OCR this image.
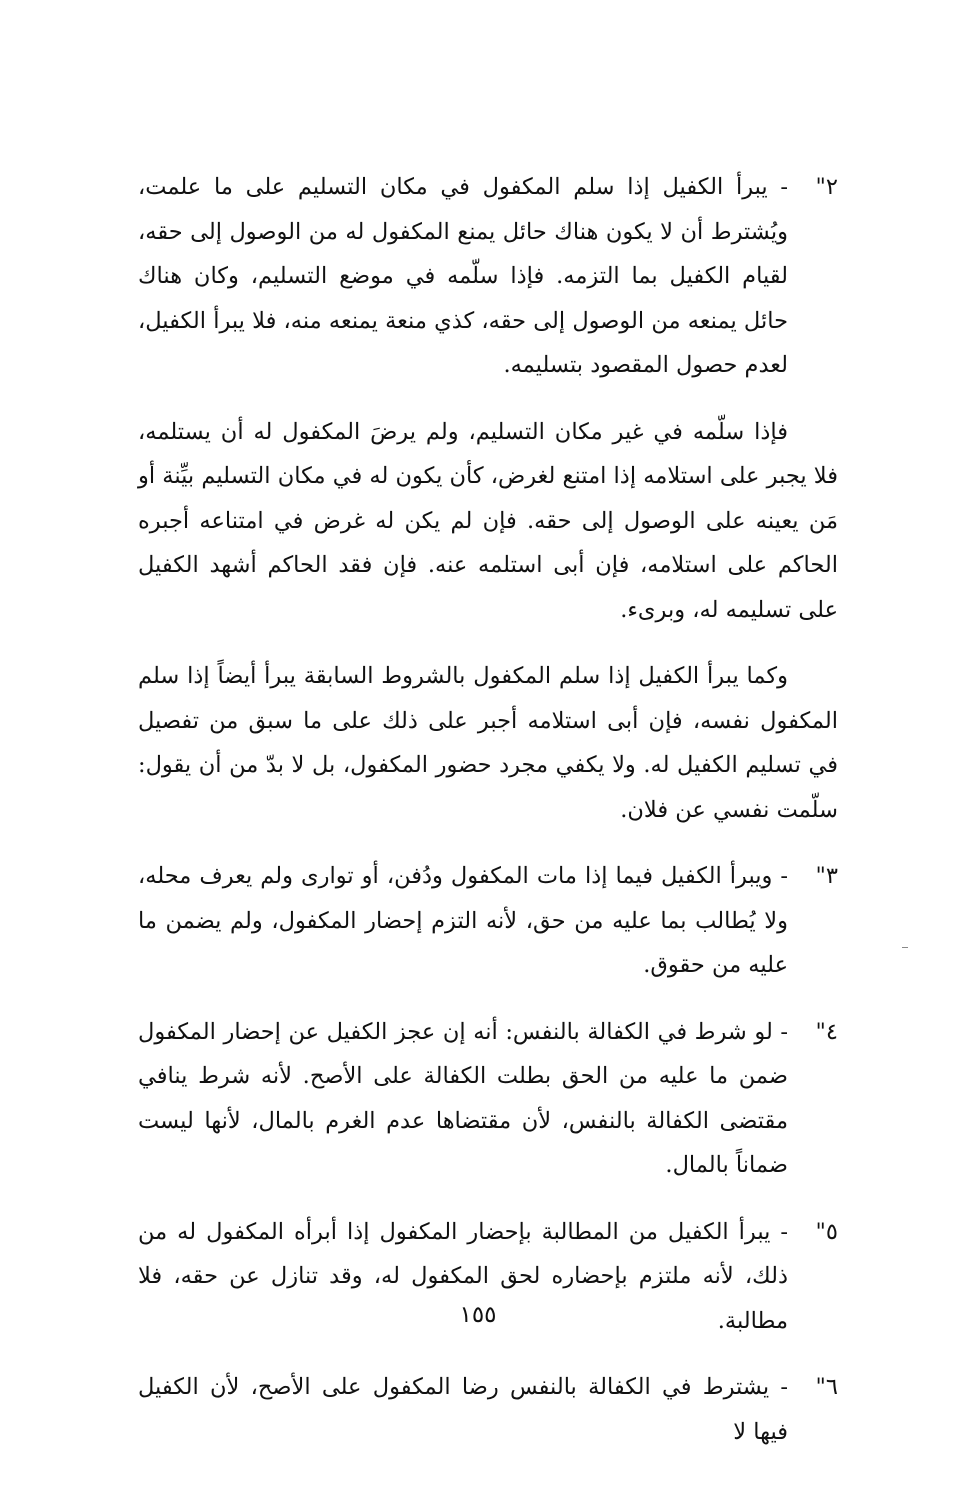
٢"
- يبرأ الكفيل إذا سلم المكفول في مكان التسليم على ما علمت، ويُشترط أن لا يكون هناك حائل يمنع المكفول له من الوصول إلى حقه، لقيام الكفيل بما التزمه. فإذا سلّمه في موضع التسليم، وكان هناك حائل يمنعه من الوصول إلى حقه، كذي منعة يمنعه منه، فلا يبرأ الكفيل، لعدم حصول المقصود بتسليمه.
فإذا سلّمه في غير مكان التسليم، ولم يرضَ المكفول له أن يستلمه، فلا يجبر على استلامه إذا امتنع لغرض، كأن يكون له في مكان التسليم بيِّنة أو مَن يعينه على الوصول إلى حقه. فإن لم يكن له غرض في امتناعه أجبره الحاكم على استلامه، فإن أبى استلمه عنه. فإن فقد الحاكم أشهد الكفيل على تسليمه له، وبرىء.
وكما يبرأ الكفيل إذا سلم المكفول بالشروط السابقة يبرأ أيضاً إذا سلم المكفول نفسه، فإن أبى استلامه أجبر على ذلك على ما سبق من تفصيل في تسليم الكفيل له. ولا يكفي مجرد حضور المكفول، بل لا بدّ من أن يقول: سلّمت نفسي عن فلان.
٣"
- ويبرأ الكفيل فيما إذا مات المكفول ودُفن، أو توارى ولم يعرف محله، ولا يُطالب بما عليه من حق، لأنه التزم إحضار المكفول، ولم يضمن ما عليه من حقوق.
٤"
- لو شرط في الكفالة بالنفس: أنه إن عجز الكفيل عن إحضار المكفول ضمن ما عليه من الحق بطلت الكفالة على الأصح. لأنه شرط ينافي مقتضى الكفالة بالنفس، لأن مقتضاها عدم الغرم بالمال، لأنها ليست ضماناً بالمال.
٥"
- يبرأ الكفيل من المطالبة بإحضار المكفول إذا أبرأه المكفول له من ذلك، لأنه ملتزم بإحضاره لحق المكفول له، وقد تنازل عن حقه، فلا مطالبة.
٦"
- يشترط في الكفالة بالنفس رضا المكفول على الأصح، لأن الكفيل فيها لا
١٥٥
